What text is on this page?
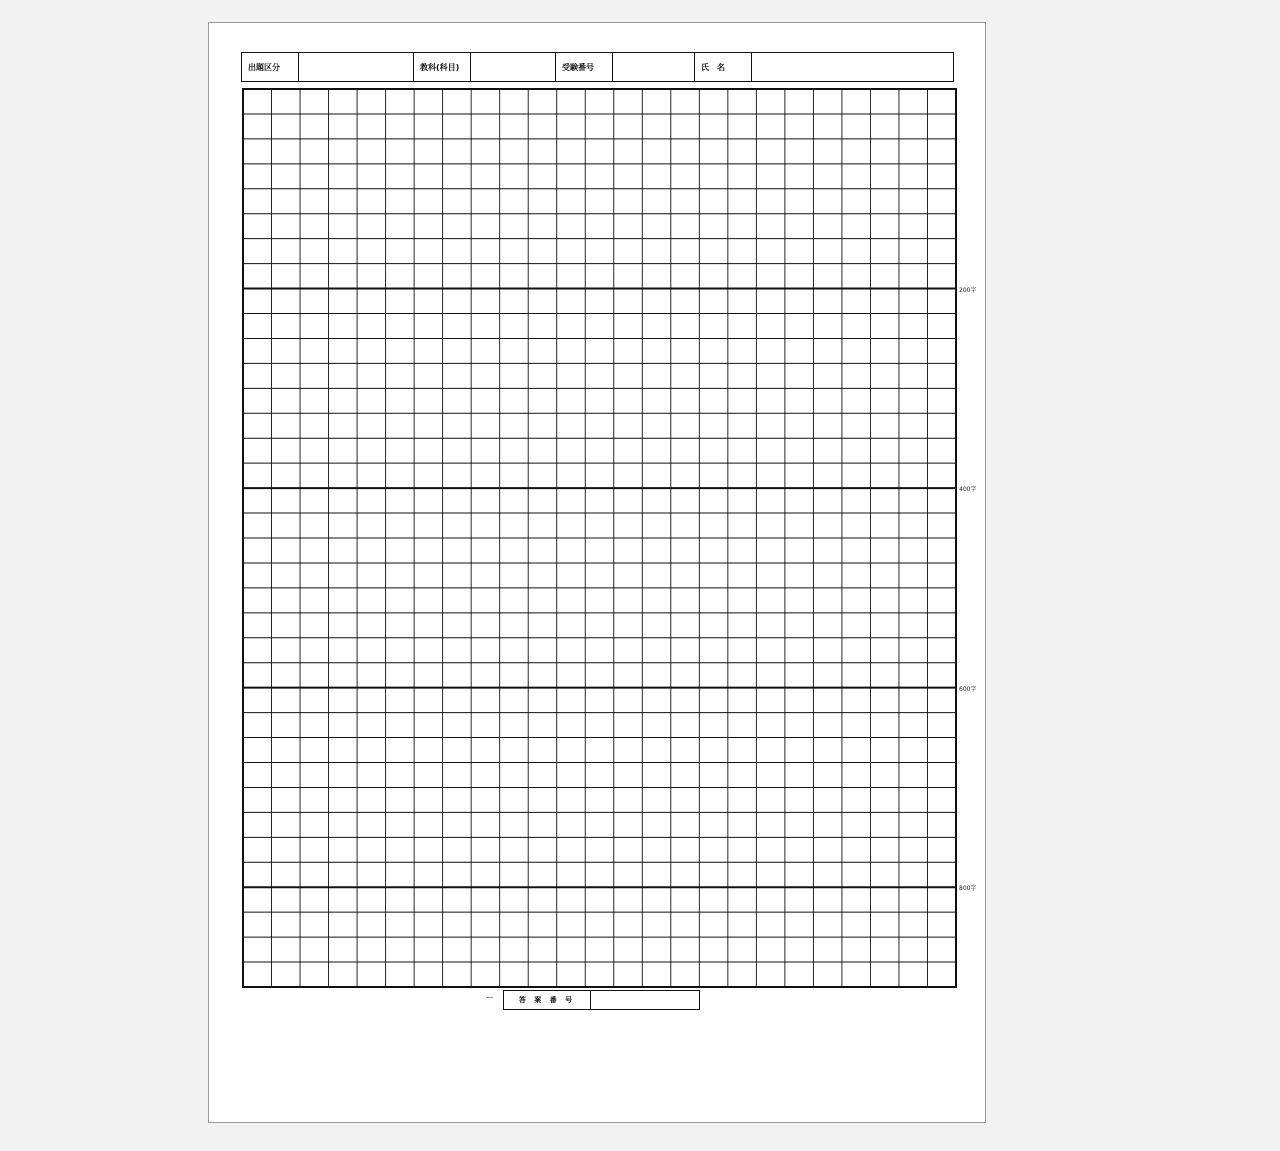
出題区分	教科(科目)	受験番号	氏　名
200字
400字
600字
800字
ー	答 案 番 号
